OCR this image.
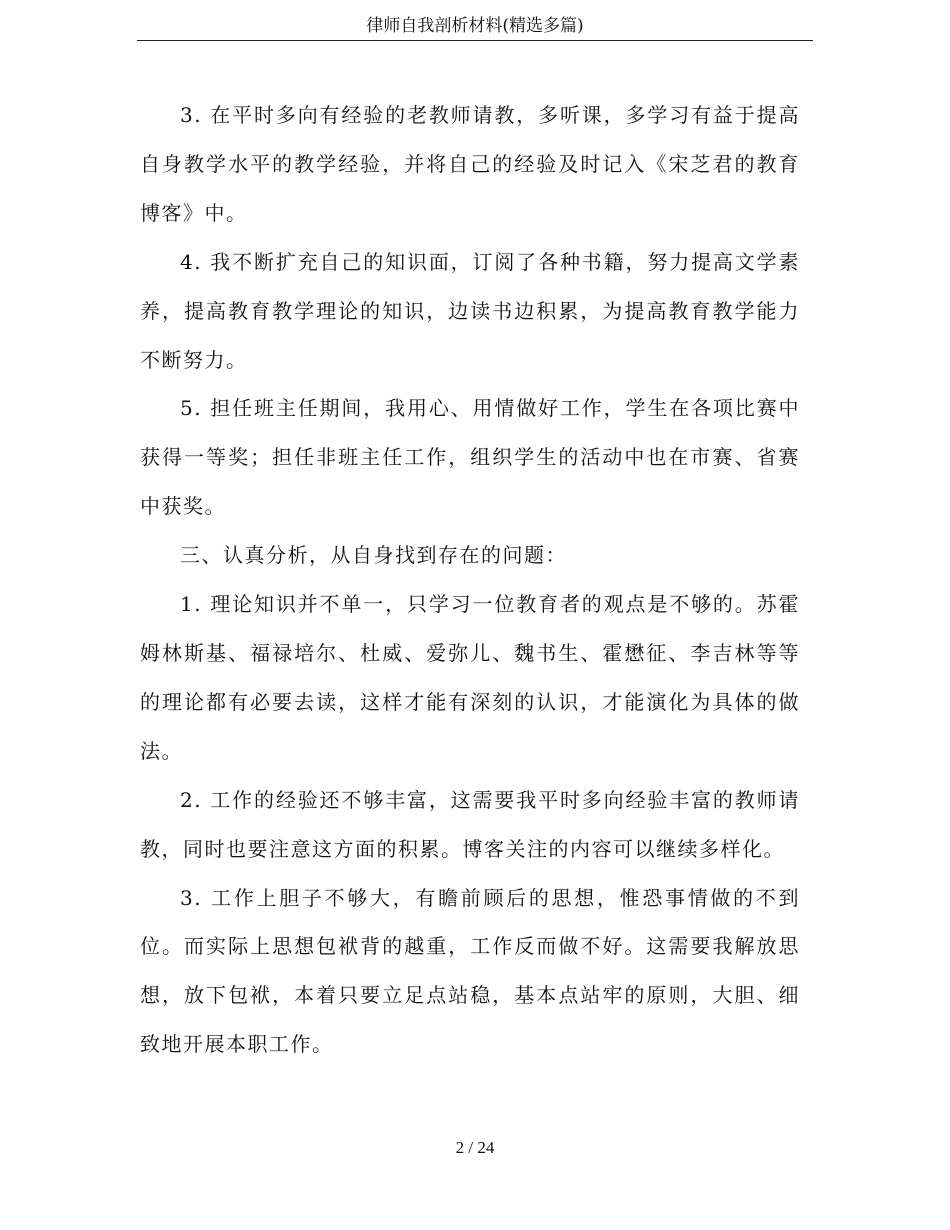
律师自我剖析材料(精选多篇)

3. 在平时多向有经验的老教师请教，多听课，多学习有益于提高自身教学水平的教学经验，并将自己的经验及时记入《宋芝君的教育博客》中。

4. 我不断扩充自己的知识面，订阅了各种书籍，努力提高文学素养，提高教育教学理论的知识，边读书边积累，为提高教育教学能力不断努力。

5. 担任班主任期间，我用心、用情做好工作，学生在各项比赛中获得一等奖；担任非班主任工作，组织学生的活动中也在市赛、省赛中获奖。

三、认真分析，从自身找到存在的问题：

1. 理论知识并不单一，只学习一位教育者的观点是不够的。苏霍姆林斯基、福禄培尔、杜威、爱弥儿、魏书生、霍懋征、李吉林等等的理论都有必要去读，这样才能有深刻的认识，才能演化为具体的做法。

2. 工作的经验还不够丰富，这需要我平时多向经验丰富的教师请教，同时也要注意这方面的积累。博客关注的内容可以继续多样化。

3. 工作上胆子不够大，有瞻前顾后的思想，惟恐事情做的不到位。而实际上思想包袱背的越重，工作反而做不好。这需要我解放思想，放下包袱，本着只要立足点站稳，基本点站牢的原则，大胆、细致地开展本职工作。

2 / 24
